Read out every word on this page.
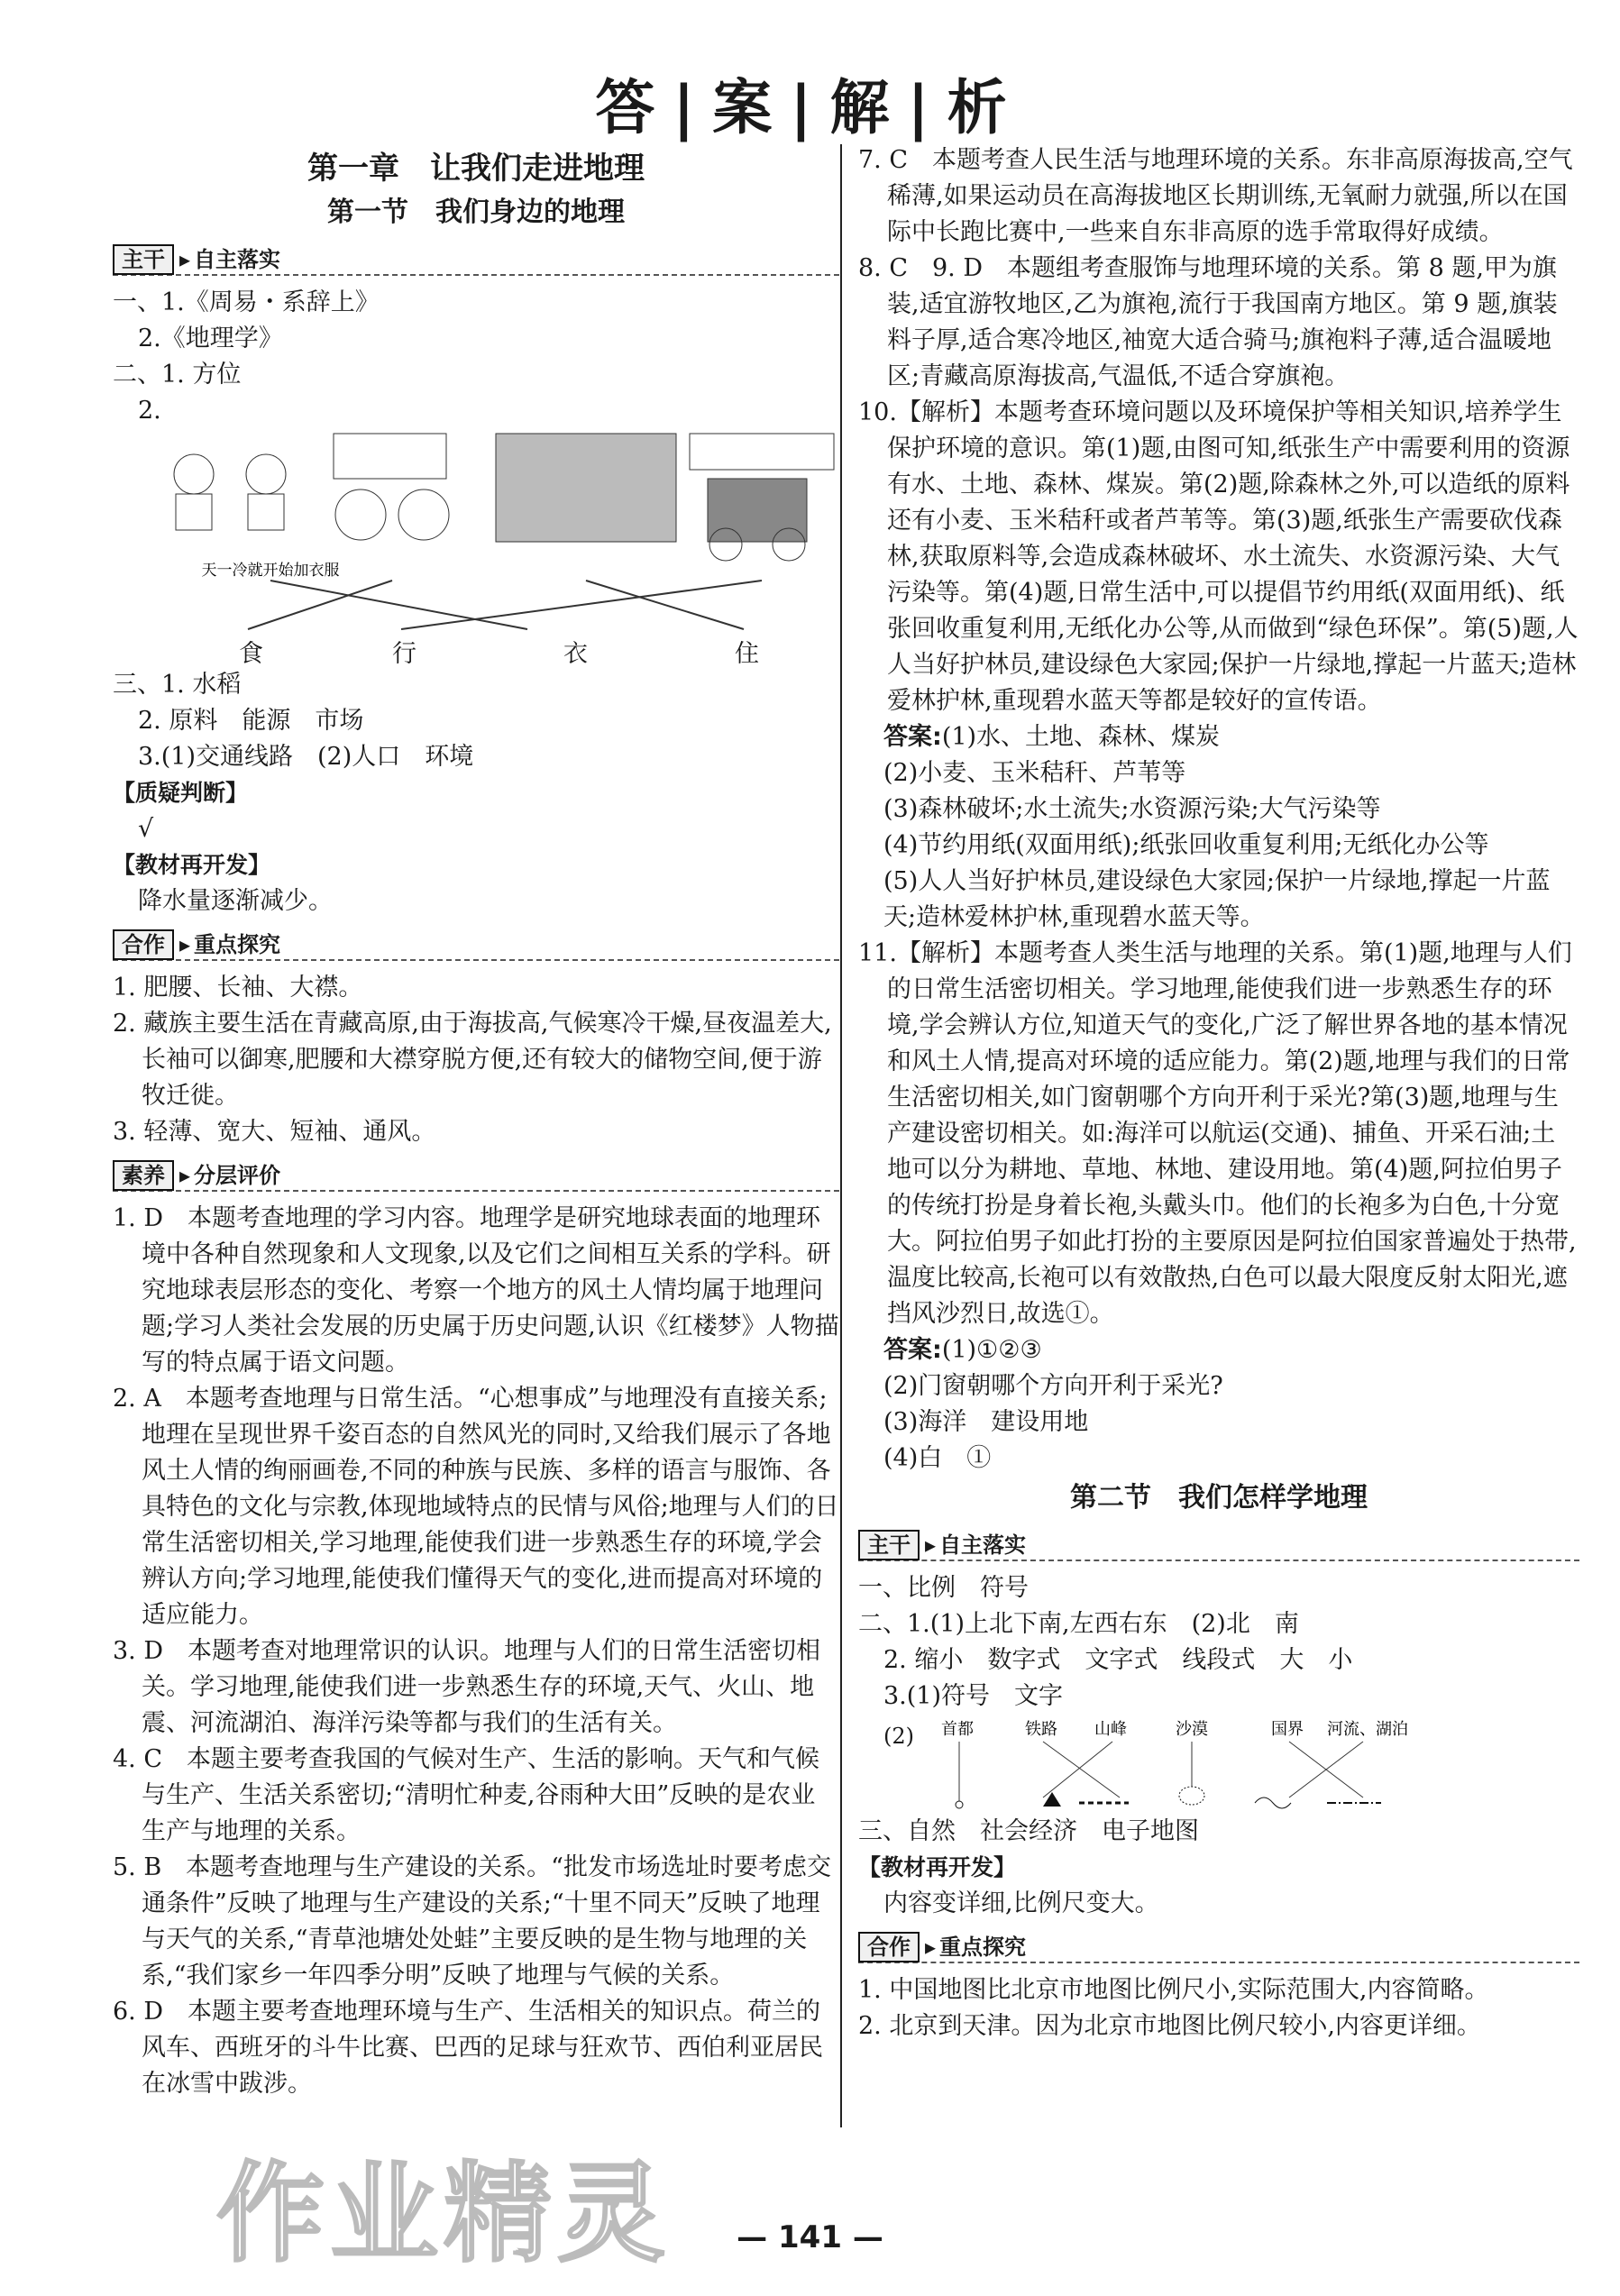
答|案|解|析
第一章　让我们走进地理
第一节　我们身边的地理
主干 ▸ 自主落实

一、1.《周易・系辞上》

2.《地理学》

二、1. 方位

2.

天一冷就开始加衣服
食	行	衣	住

三、1. 水稻

2. 原料　能源　市场

3.(1)交通线路　(2)人口　环境

【质疑判断】

√

【教材再开发】

降水量逐渐减少。

合作 ▸ 重点探究

1. 肥腰、长袖、大襟。

2. 藏族主要生活在青藏高原,由于海拔高,气候寒冷干燥,昼夜温差大,长袖可以御寒,肥腰和大襟穿脱方便,还有较大的储物空间,便于游牧迁徙。

3. 轻薄、宽大、短袖、通风。

素养 ▸ 分层评价

1. D　本题考查地理的学习内容。地理学是研究地球表面的地理环境中各种自然现象和人文现象,以及它们之间相互关系的学科。研究地球表层形态的变化、考察一个地方的风土人情均属于地理问题;学习人类社会发展的历史属于历史问题,认识《红楼梦》人物描写的特点属于语文问题。

2. A　本题考查地理与日常生活。“心想事成”与地理没有直接关系;地理在呈现世界千姿百态的自然风光的同时,又给我们展示了各地风土人情的绚丽画卷,不同的种族与民族、多样的语言与服饰、各具特色的文化与宗教,体现地域特点的民情与风俗;地理与人们的日常生活密切相关,学习地理,能使我们进一步熟悉生存的环境,学会辨认方向;学习地理,能使我们懂得天气的变化,进而提高对环境的适应能力。

3. D　本题考查对地理常识的认识。地理与人们的日常生活密切相关。学习地理,能使我们进一步熟悉生存的环境,天气、火山、地震、河流湖泊、海洋污染等都与我们的生活有关。

4. C　本题主要考查我国的气候对生产、生活的影响。天气和气候与生产、生活关系密切;“清明忙种麦,谷雨种大田”反映的是农业生产与地理的关系。

5. B　本题考查地理与生产建设的关系。“批发市场选址时要考虑交通条件”反映了地理与生产建设的关系;“十里不同天”反映了地理与天气的关系,“青草池塘处处蛙”主要反映的是生物与地理的关系,“我们家乡一年四季分明”反映了地理与气候的关系。

6. D　本题主要考查地理环境与生产、生活相关的知识点。荷兰的风车、西班牙的斗牛比赛、巴西的足球与狂欢节、西伯利亚居民在冰雪中跋涉。

7. C　本题考查人民生活与地理环境的关系。东非高原海拔高,空气稀薄,如果运动员在高海拔地区长期训练,无氧耐力就强,所以在国际中长跑比赛中,一些来自东非高原的选手常取得好成绩。

8. C　9. D　本题组考查服饰与地理环境的关系。第 8 题,甲为旗装,适宜游牧地区,乙为旗袍,流行于我国南方地区。第 9 题,旗装料子厚,适合寒冷地区,袖宽大适合骑马;旗袍料子薄,适合温暖地区;青藏高原海拔高,气温低,不适合穿旗袍。

10.【解析】本题考查环境问题以及环境保护等相关知识,培养学生保护环境的意识。第(1)题,由图可知,纸张生产中需要利用的资源有水、土地、森林、煤炭。第(2)题,除森林之外,可以造纸的原料还有小麦、玉米秸秆或者芦苇等。第(3)题,纸张生产需要砍伐森林,获取原料等,会造成森林破坏、水土流失、水资源污染、大气污染等。第(4)题,日常生活中,可以提倡节约用纸(双面用纸)、纸张回收重复利用,无纸化办公等,从而做到“绿色环保”。第(5)题,人人当好护林员,建设绿色大家园;保护一片绿地,撑起一片蓝天;造林爱林护林,重现碧水蓝天等都是较好的宣传语。

答案:(1)水、土地、森林、煤炭

(2)小麦、玉米秸秆、芦苇等

(3)森林破坏;水土流失;水资源污染;大气污染等

(4)节约用纸(双面用纸);纸张回收重复利用;无纸化办公等

(5)人人当好护林员,建设绿色大家园;保护一片绿地,撑起一片蓝天;造林爱林护林,重现碧水蓝天等。

11.【解析】本题考查人类生活与地理的关系。第(1)题,地理与人们的日常生活密切相关。学习地理,能使我们进一步熟悉生存的环境,学会辨认方位,知道天气的变化,广泛了解世界各地的基本情况和风土人情,提高对环境的适应能力。第(2)题,地理与我们的日常生活密切相关,如门窗朝哪个方向开利于采光?第(3)题,地理与生产建设密切相关。如:海洋可以航运(交通)、捕鱼、开采石油;土地可以分为耕地、草地、林地、建设用地。第(4)题,阿拉伯男子的传统打扮是身着长袍,头戴头巾。他们的长袍多为白色,十分宽大。阿拉伯男子如此打扮的主要原因是阿拉伯国家普遍处于热带,温度比较高,长袍可以有效散热,白色可以最大限度反射太阳光,遮挡风沙烈日,故选①。

答案:(1)①②③

(2)门窗朝哪个方向开利于采光?

(3)海洋　建设用地

(4)白　①

第二节　我们怎样学地理
主干 ▸ 自主落实

一、比例　符号

二、1.(1)上北下南,左西右东　(2)北　南

2. 缩小　数字式　文字式　线段式　大　小

3.(1)符号　文字

(2) 首都	铁路 山峰	沙漠	国界 河流、湖泊

三、自然　社会经济　电子地图

【教材再开发】

内容变详细,比例尺变大。

合作 ▸ 重点探究

1. 中国地图比北京市地图比例尺小,实际范围大,内容简略。

2. 北京到天津。因为北京市地图比例尺较小,内容更详细。

作业精灵	— 141 —
